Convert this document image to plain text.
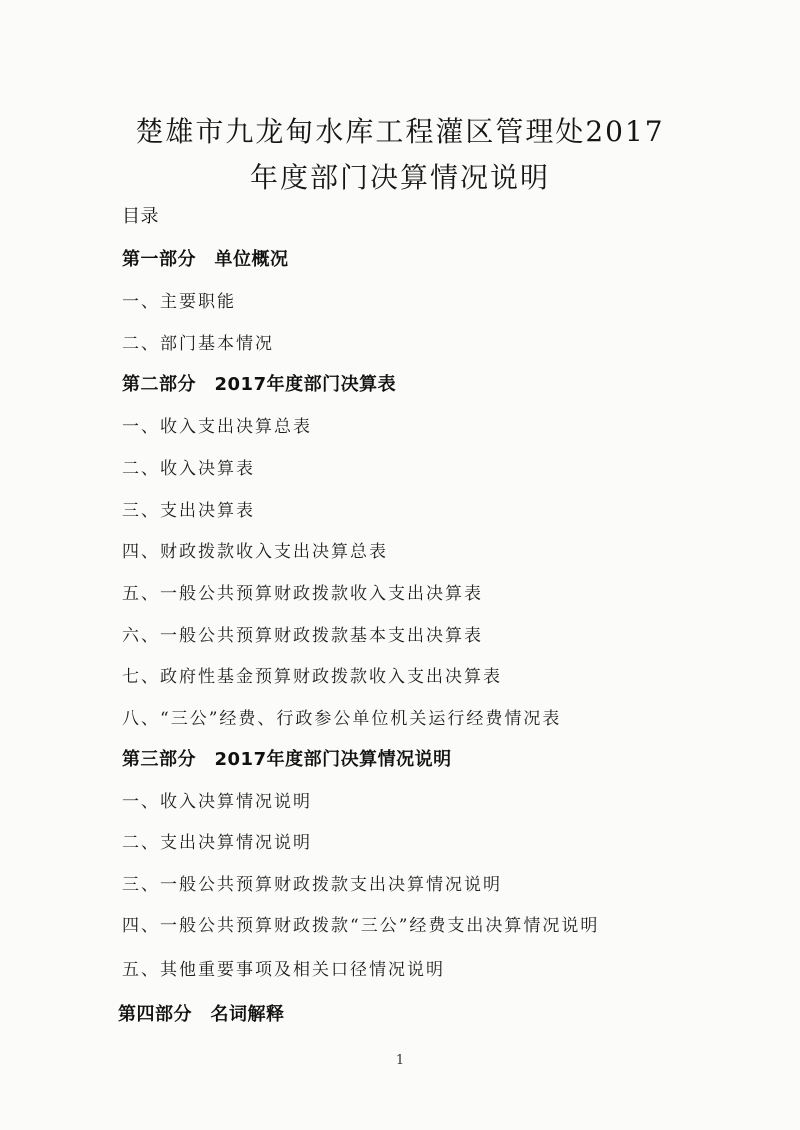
楚雄市九龙甸水库工程灌区管理处2017
年度部门决算情况说明
目录
第一部分　单位概况
一、主要职能
二、部门基本情况
第二部分　2017年度部门决算表
一、收入支出决算总表
二、收入决算表
三、支出决算表
四、财政拨款收入支出决算总表
五、一般公共预算财政拨款收入支出决算表
六、一般公共预算财政拨款基本支出决算表
七、政府性基金预算财政拨款收入支出决算表
八、“三公”经费、行政参公单位机关运行经费情况表
第三部分　2017年度部门决算情况说明
一、收入决算情况说明
二、支出决算情况说明
三、一般公共预算财政拨款支出决算情况说明
四、一般公共预算财政拨款“三公”经费支出决算情况说明
五、其他重要事项及相关口径情况说明
第四部分　名词解释
1
